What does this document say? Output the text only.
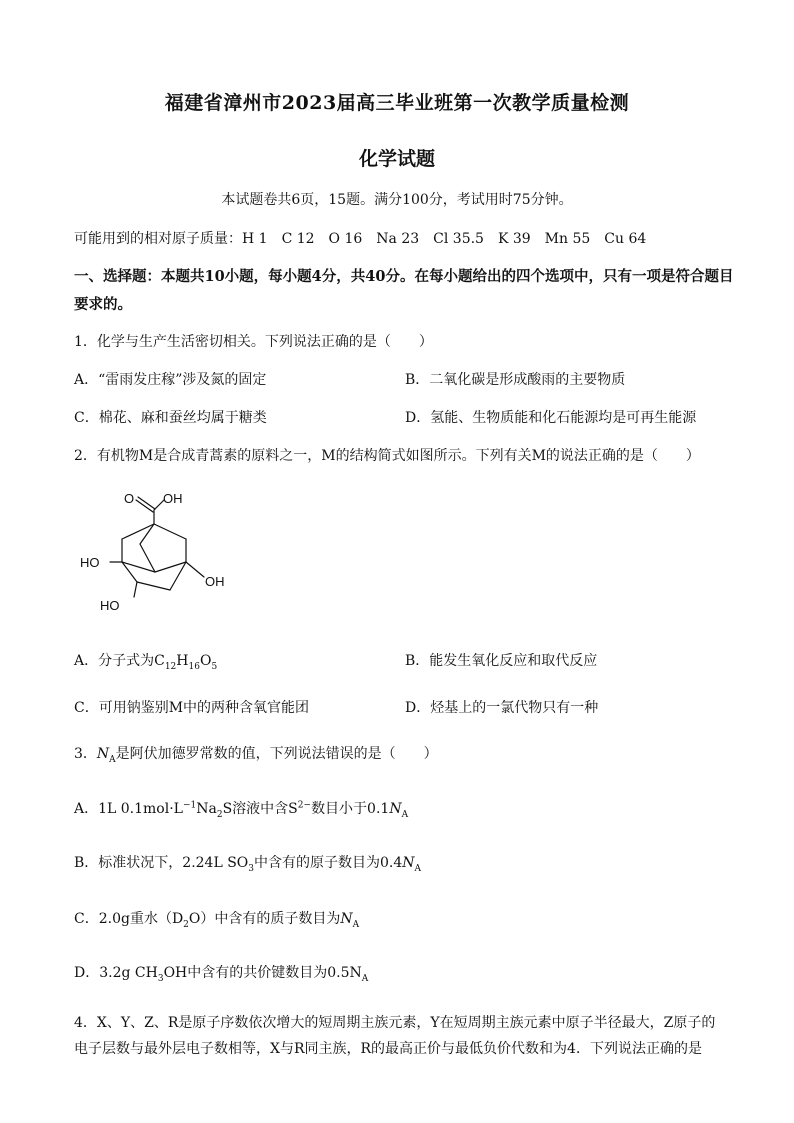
福建省漳州市2023届高三毕业班第一次教学质量检测
化学试题
本试题卷共6页，15题。满分100分，考试用时75分钟。
可能用到的相对原子质量：H 1　C 12　O 16　Na 23　Cl 35.5　K 39　Mn 55　Cu 64
一、选择题：本题共10小题，每小题4分，共40分。在每小题给出的四个选项中，只有一项是符合题目
要求的。
1．化学与生产生活密切相关。下列说法正确的是（　　）
A．“雷雨发庄稼”涉及氮的固定	B．二氧化碳是形成酸雨的主要物质
C．棉花、麻和蚕丝均属于糖类	D．氢能、生物质能和化石能源均是可再生能源
2．有机物M是合成青蒿素的原料之一，M的结构简式如图所示。下列有关M的说法正确的是（　　）
O OH
HO
OH
HO
A．分子式为$C_{12}H_{16}O_5$	B．能发生氧化反应和取代反应
C．可用钠鉴别M中的两种含氧官能团	D．烃基上的一氯代物只有一种
3．$N_A$是阿伏加德罗常数的值，下列说法错误的是（　　）
A．1L $0.1mol\cdot L^{-1}Na_2S$溶液中含$S^{2-}$数目小于$0.1N_A$
B．标准状况下，2.24L $SO_3$中含有的原子数目为$0.4N_A$
C．2.0g重水$(D_2O)$中含有的质子数目为$N_A$
D．3.2g $CH_3OH$中含有的共价键数目为$0.5N_A$
4．X、Y、Z、R是原子序数依次增大的短周期主族元素，Y在短周期主族元素中原子半径最大，Z原子的
电子层数与最外层电子数相等，X与R同主族，R的最高正价与最低负价代数和为4．下列说法正确的是
